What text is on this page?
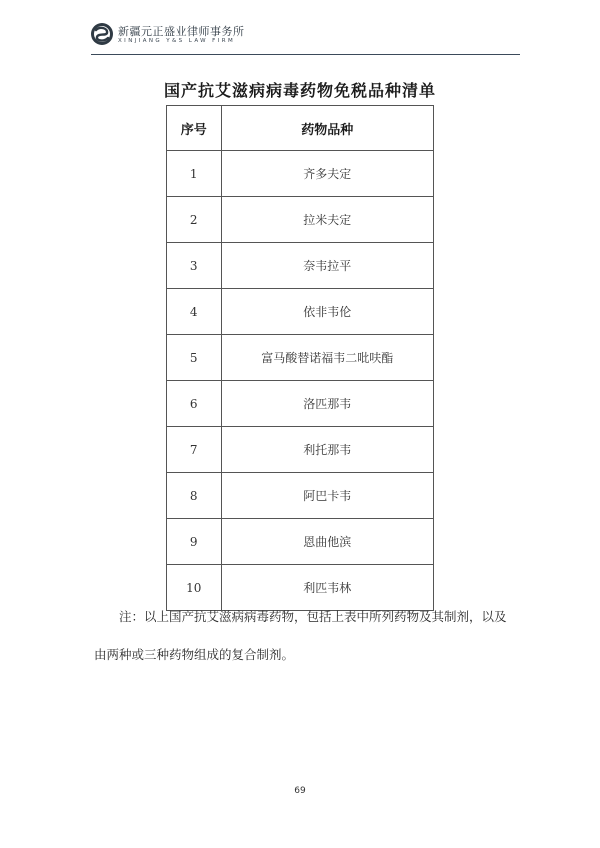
新疆元正盛业律师事务所
XINJIANG Y&S LAW FIRM
国产抗艾滋病病毒药物免税品种清单
序号	药物品种
1	齐多夫定
2	拉米夫定
3	奈韦拉平
4	依非韦伦
5	富马酸替诺福韦二吡呋酯
6	洛匹那韦
7	利托那韦
8	阿巴卡韦
9	恩曲他滨
10	利匹韦林
注：以上国产抗艾滋病病毒药物，包括上表中所列药物及其制剂，以及由两种或三种药物组成的复合制剂。
69
